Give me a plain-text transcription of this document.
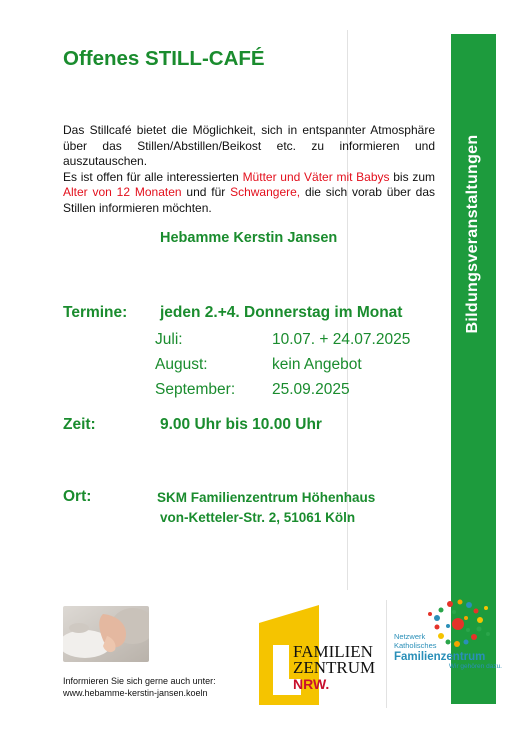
Bildungsveranstaltungen
Offenes STILL-CAFÉ

Das Stillcafé bietet die Möglichkeit, sich in entspannter Atmosphäre über das Stillen/Abstillen/Beikost etc. zu informieren und auszutauschen.

Es ist offen für alle interessierten Mütter und Väter mit Babys bis zum Alter von 12 Monaten und für Schwangere, die sich vorab über das Stillen informieren möchten.

Hebamme Kerstin Jansen
Termine: jeden 2.+4. Donnerstag im Monat
Juli:	10.07. + 24.07.2025
August:	kein Angebot
September: 25.09.2025
Zeit:	9.00 Uhr bis 10.00 Uhr
Ort:	SKM Familienzentrum Höhenhaus
von-Ketteler-Str. 2, 51061 Köln
Informieren Sie sich gerne auch unter:
www.hebamme-kerstin-jansen.koeln
FAMILIEN
ZENTRUM
NRW.
Netzwerk
Katholisches
Familienzentrum
Wir gehören dazu.
